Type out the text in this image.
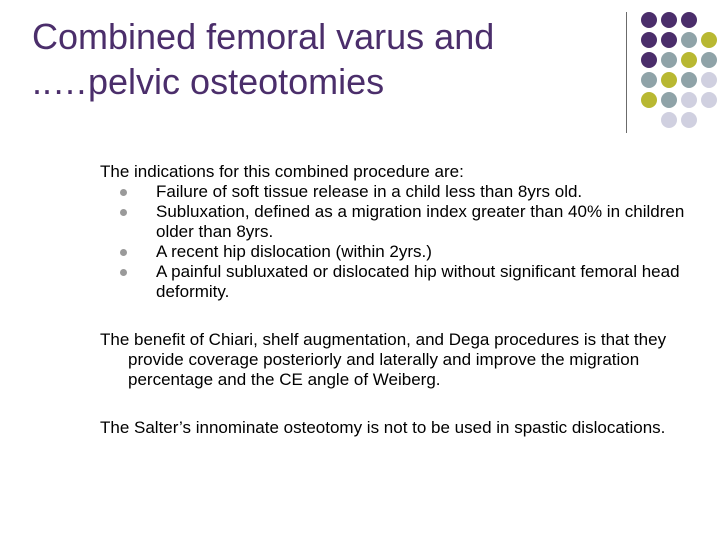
Combined femoral varus and
..…pelvic osteotomies

The indications for this combined procedure are:

Failure of soft tissue release in a child less than 8yrs old.
Subluxation, defined as a migration index greater than 40% in children older than 8yrs.
A recent hip dislocation (within 2yrs.)
A painful subluxated or dislocated hip without significant femoral head deformity.

The benefit of Chiari, shelf augmentation, and Dega procedures is that they provide coverage posteriorly and laterally and improve the migration percentage and the CE angle of Weiberg.

The Salter’s innominate osteotomy is not to be used in spastic dislocations.
